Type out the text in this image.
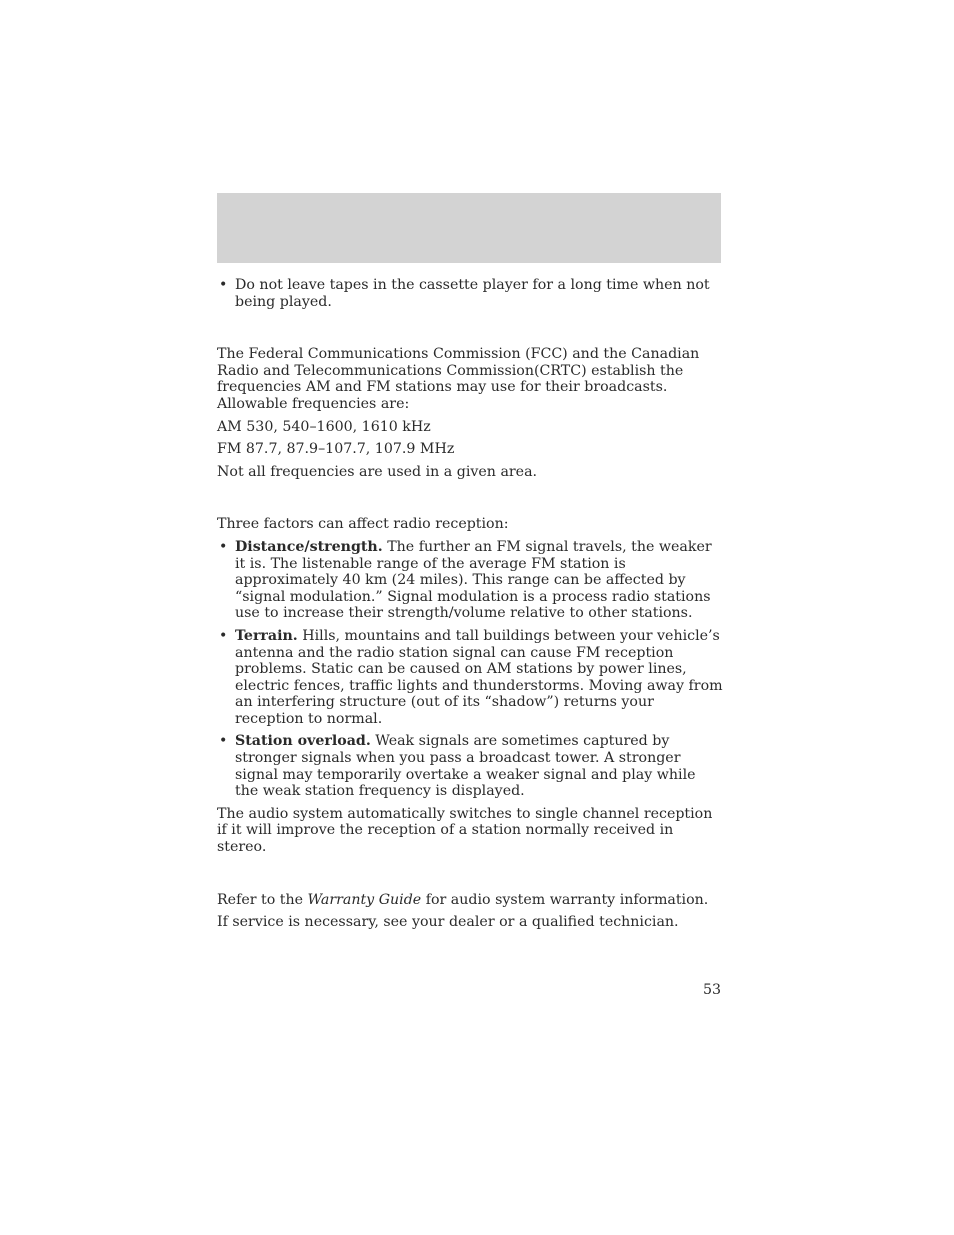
• Do not leave tapes in the cassette player for a long time when not being played.

The Federal Communications Commission (FCC) and the Canadian Radio and Telecommunications Commission(CRTC) establish the frequencies AM and FM stations may use for their broadcasts. Allowable frequencies are:

AM 530, 540–1600, 1610 kHz

FM 87.7, 87.9–107.7, 107.9 MHz

Not all frequencies are used in a given area.

Three factors can affect radio reception:

• Distance/strength. The further an FM signal travels, the weaker it is. The listenable range of the average FM station is approximately 40 km (24 miles). This range can be affected by “signal modulation.” Signal modulation is a process radio stations use to increase their strength/volume relative to other stations.
• Terrain. Hills, mountains and tall buildings between your vehicle’s antenna and the radio station signal can cause FM reception problems. Static can be caused on AM stations by power lines, electric fences, traffic lights and thunderstorms. Moving away from an interfering structure (out of its “shadow”) returns your reception to normal.
• Station overload. Weak signals are sometimes captured by stronger signals when you pass a broadcast tower. A stronger signal may temporarily overtake a weaker signal and play while the weak station frequency is displayed.

The audio system automatically switches to single channel reception if it will improve the reception of a station normally received in stereo.

Refer to the Warranty Guide for audio system warranty information.

If service is necessary, see your dealer or a qualified technician.

53
